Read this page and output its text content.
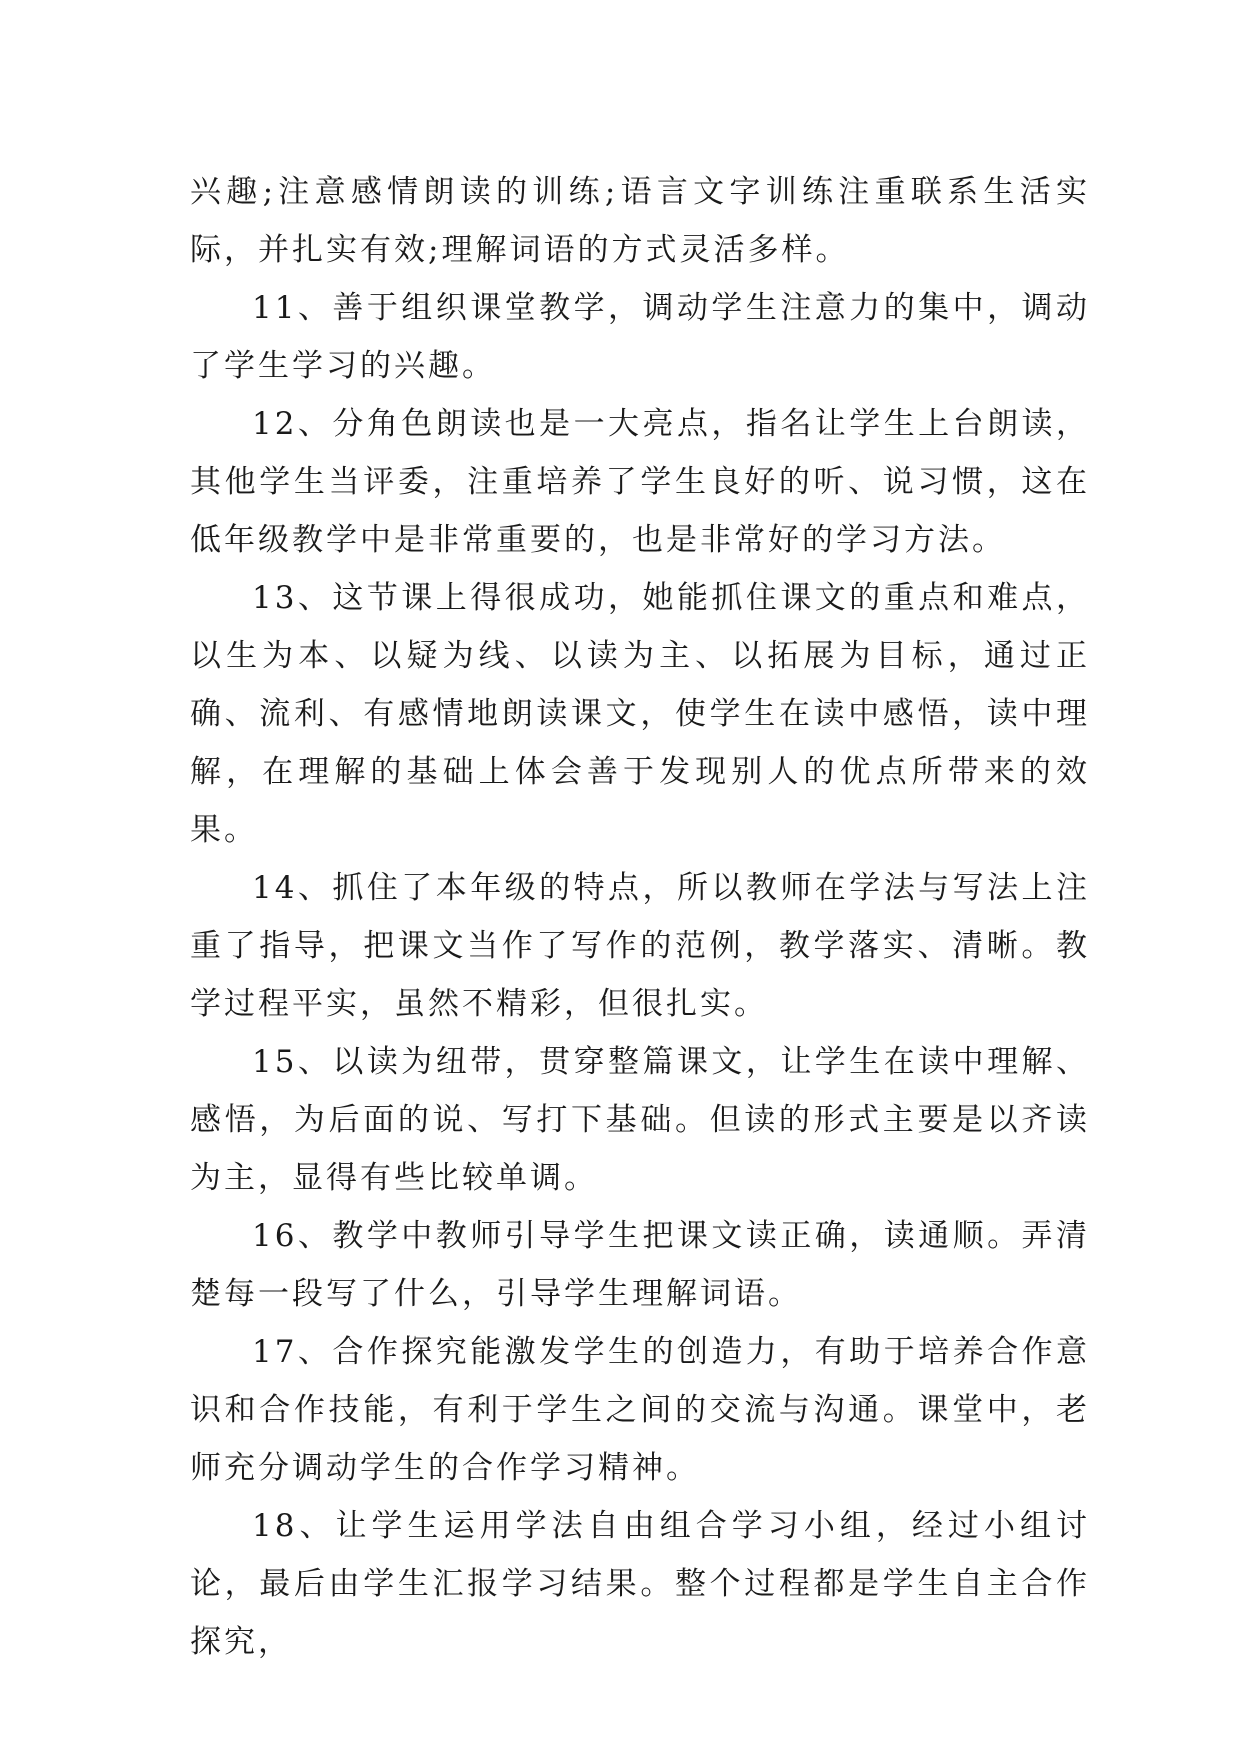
兴趣;注意感情朗读的训练;语言文字训练注重联系生活实际，并扎实有效;理解词语的方式灵活多样。

11、善于组织课堂教学，调动学生注意力的集中，调动了学生学习的兴趣。

12、分角色朗读也是一大亮点，指名让学生上台朗读，其他学生当评委，注重培养了学生良好的听、说习惯，这在低年级教学中是非常重要的，也是非常好的学习方法。

13、这节课上得很成功，她能抓住课文的重点和难点，以生为本、以疑为线、以读为主、以拓展为目标，通过正确、流利、有感情地朗读课文，使学生在读中感悟，读中理解，在理解的基础上体会善于发现别人的优点所带来的效果。

14、抓住了本年级的特点，所以教师在学法与写法上注重了指导，把课文当作了写作的范例，教学落实、清晰。教学过程平实，虽然不精彩，但很扎实。

15、以读为纽带，贯穿整篇课文，让学生在读中理解、感悟，为后面的说、写打下基础。但读的形式主要是以齐读为主，显得有些比较单调。

16、教学中教师引导学生把课文读正确，读通顺。弄清楚每一段写了什么，引导学生理解词语。

17、合作探究能激发学生的创造力，有助于培养合作意识和合作技能，有利于学生之间的交流与沟通。课堂中，老师充分调动学生的合作学习精神。

18、让学生运用学法自由组合学习小组，经过小组讨论，最后由学生汇报学习结果。整个过程都是学生自主合作探究，
